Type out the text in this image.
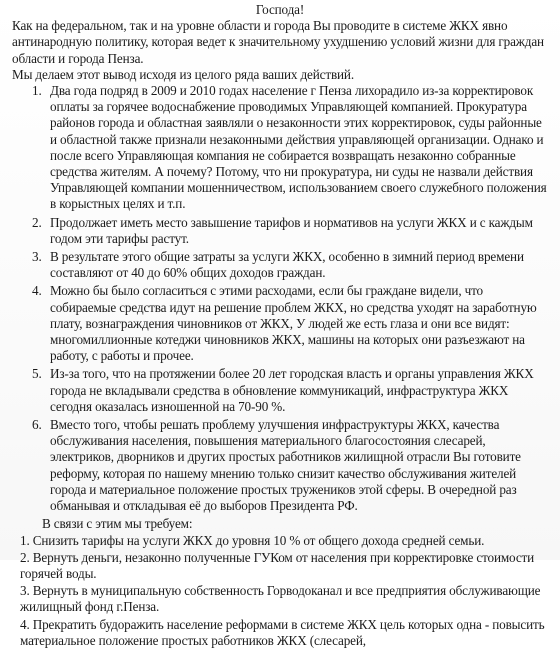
Господа!

Как на федеральном, так и на уровне области и города Вы проводите в системе ЖКХ явно антинародную политику, которая ведет к значительному ухудшению условий жизни для граждан области и города Пенза.

Мы делаем этот вывод исходя из целого ряда ваших действий.

1. Два года подряд в 2009 и 2010 годах население г Пенза лихорадило из-за корректировок оплаты за горячее водоснабжение проводимых Управляющей компанией. Прокуратура районов города и областная заявляли о незаконности этих корректировок, суды районные и областной также признали незаконными действия управляющей организации. Однако и после всего Управляющая компания не собирается возвращать незаконно собранные средства жителям. А почему? Потому, что ни прокуратура, ни суды не назвали действия Управляющей компании мошенничеством, использованием своего служебного положения в корыстных целях и т.п.
2. Продолжает иметь место завышение тарифов и нормативов на услуги ЖКХ и с каждым годом эти тарифы растут.
3. В результате этого общие затраты за услуги ЖКХ, особенно в зимний период времени составляют от 40 до 60% общих доходов граждан.
4. Можно бы было согласиться с этими расходами, если бы граждане видели, что собираемые средства идут на решение проблем ЖКХ, но средства уходят на заработную плату, вознаграждения чиновников от ЖКХ, У людей же есть глаза и они все видят: многомиллионные котеджи чиновников ЖКХ, машины на которых они разъезжают на работу, с работы и прочее.
5. Из-за того, что на протяжении более 20 лет городская власть и органы управления ЖКХ города не вкладывали средства в обновление коммуникаций, инфраструктура ЖКХ сегодня оказалась изношенной на 70-90 %.
6. Вместо того, чтобы решать проблему улучшения инфраструктуры ЖКХ, качества обслуживания населения, повышения материального благосостояния слесарей, электриков, дворников и других простых работников жилищной отрасли Вы готовите реформу, которая по нашему мнению только снизит качество обслуживания жителей города и материальное положение простых тружеников этой сферы. В очередной раз обманывая и откладывая её до выборов Президента РФ.
В связи с этим мы требуем:
1. Снизить тарифы на услуги ЖКХ до уровня 10 % от общего дохода средней семьи.
2. Вернуть деньги, незаконно полученные ГУКом от населения при корректировке стоимости горячей воды.
3. Вернуть в муниципальную собственность Горводоканал и все предприятия обслуживающие жилищный фонд г.Пенза.
4. Прекратить будоражить население реформами в системе ЖКХ цель которых одна - повысить материальное положение простых работников ЖКХ (слесарей,
